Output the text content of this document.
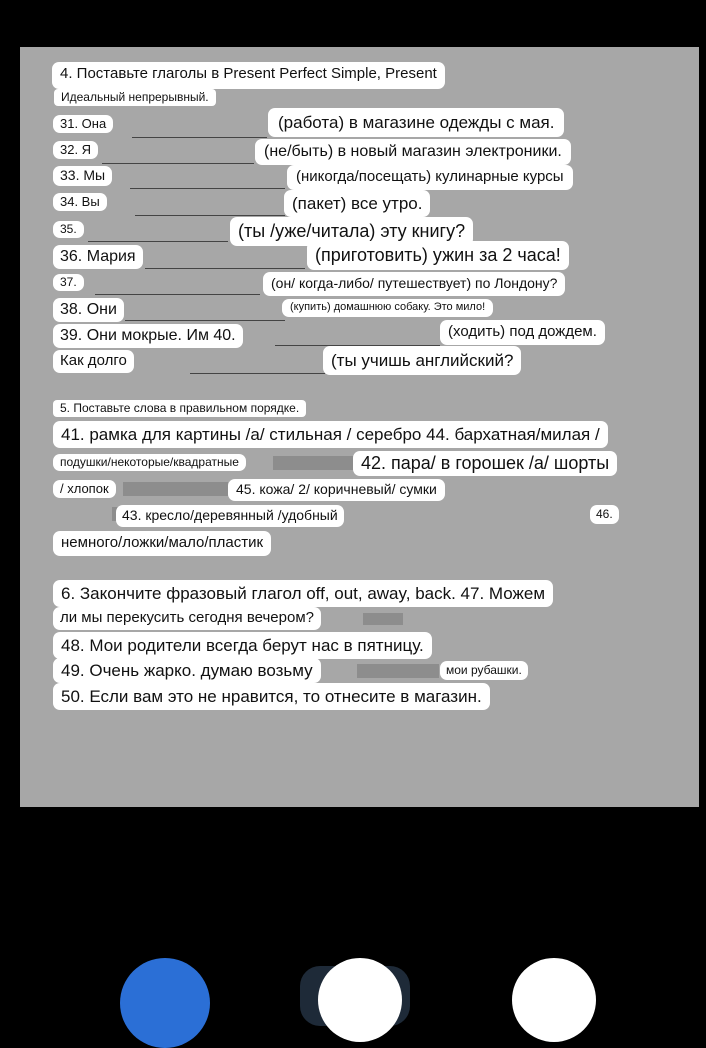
4. Поставьте глаголы в Present Perfect Simple, Present
Идеальный непрерывный.
31. Она	(работа) в магазине одежды с мая.
32. Я	(не/быть) в новый магазин электроники.
33. Мы	(никогда/посещать) кулинарные курсы
34. Вы	(пакет) все утро.
35.	(ты /уже/читала) эту книгу?
36. Мария	(приготовить) ужин за 2 часа!
37.	(он/ когда-либо/ путешествует) по Лондону?
38. Они	(купить) домашнюю собаку. Это мило!
39. Они мокрые. Им 40.	(ходить) под дождем.
Как долго	(ты учишь английский?
5. Поставьте слова в правильном порядке.
41. рамка для картины /а/ стильная / серебро 44. бархатная/милая /
подушки/некоторые/квадратные	42. пара/ в горошек /а/ шорты
/ хлопок	45. кожа/ 2/ коричневый/ сумки
43. кресло/деревянный /удобный	46.
немного/ложки/мало/пластик
6. Закончите фразовый глагол off, out, away, back. 47. Можем
ли мы перекусить сегодня вечером?
48. Мои родители всегда берут нас в пятницу.
49. Очень жарко. думаю возьму	мои рубашки.
50. Если вам это не нравится, то отнесите в магазин.
